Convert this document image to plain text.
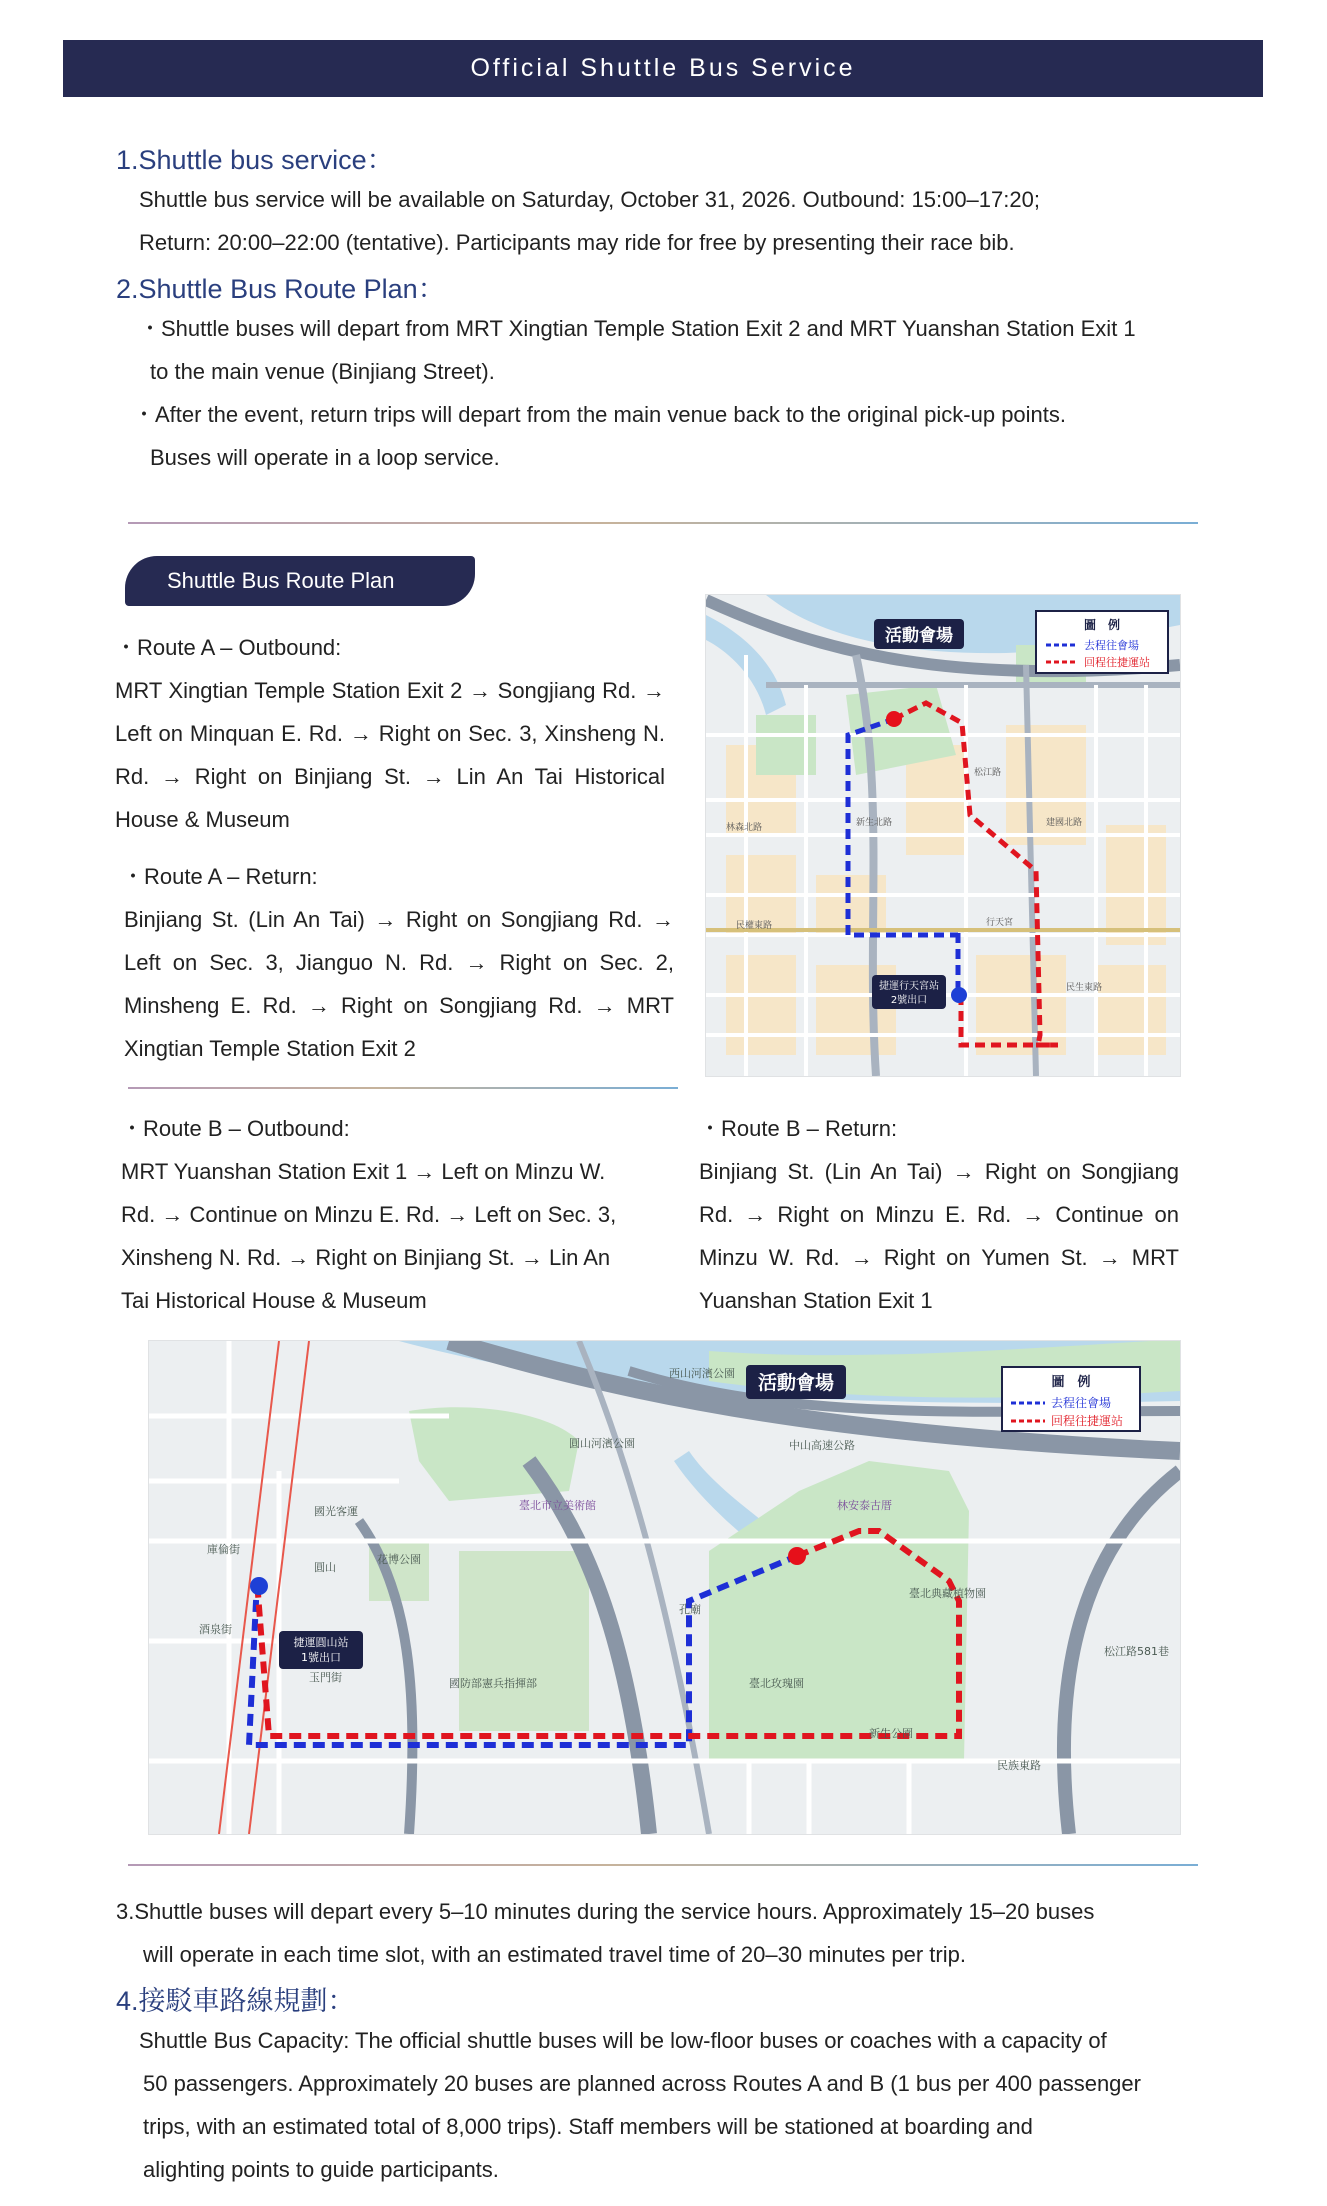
Official Shuttle Bus Service
1.Shuttle bus service：
Shuttle bus service will be available on Saturday, October 31, 2026. Outbound: 15:00–17:20;
Return: 20:00–22:00 (tentative). Participants may ride for free by presenting their race bib.
2.Shuttle Bus Route Plan：
・Shuttle buses will depart from MRT Xingtian Temple Station Exit 2 and MRT Yuanshan Station Exit 1
to the main venue (Binjiang Street).
・After the event, return trips will depart from the main venue back to the original pick-up points.
Buses will operate in a loop service.
Shuttle Bus Route Plan
・Route A – Outbound:
MRT Xingtian Temple Station Exit 2 → Songjiang Rd. → Left on Minquan E. Rd. → Right on Sec. 3, Xinsheng N. Rd. → Right on Binjiang St. → Lin An Tai Historical House & Museum
・Route A – Return:
Binjiang St. (Lin An Tai) → Right on Songjiang Rd. → Left on Sec. 3, Jianguo N. Rd. → Right on Sec. 2, Minsheng E. Rd. → Right on Songjiang Rd. → MRT Xingtian Temple Station Exit 2
活動會場
圖　例
去程往會場
回程往捷運站
捷運行天宮站
2號出口
民權東路
松江路
新生北路	建國北路
民生東路
行天宮
林森北路
・Route B – Outbound:
MRT Yuanshan Station Exit 1 → Left on Minzu W. Rd. → Continue on Minzu E. Rd. → Left on Sec. 3, Xinsheng N. Rd. → Right on Binjiang St. → Lin An Tai Historical House & Museum
・Route B – Return:
Binjiang St. (Lin An Tai) → Right on Songjiang Rd. → Right on Minzu E. Rd. → Continue on Minzu W. Rd. → Right on Yumen St. → MRT Yuanshan Station Exit 1
活動會場	圖　例
去程往會場
回程往捷運站
捷運圓山站
1號出口
西山河濱公園
圓山河濱公園
臺北市立美術館	林安泰古厝
臺北典藏植物園
臺北玫瑰園
新生公園
國防部憲兵指揮部
花博公園
民族東路
中山高速公路
松江路581巷
庫倫街
酒泉街
國光客運
圓山
孔廟
玉門街
3.Shuttle buses will depart every 5–10 minutes during the service hours. Approximately 15–20 buses
will operate in each time slot, with an estimated travel time of 20–30 minutes per trip.
4.接駁車路線規劃：
Shuttle Bus Capacity: The official shuttle buses will be low-floor buses or coaches with a capacity of
50 passengers. Approximately 20 buses are planned across Routes A and B (1 bus per 400 passenger
trips, with an estimated total of 8,000 trips). Staff members will be stationed at boarding and
alighting points to guide participants.
